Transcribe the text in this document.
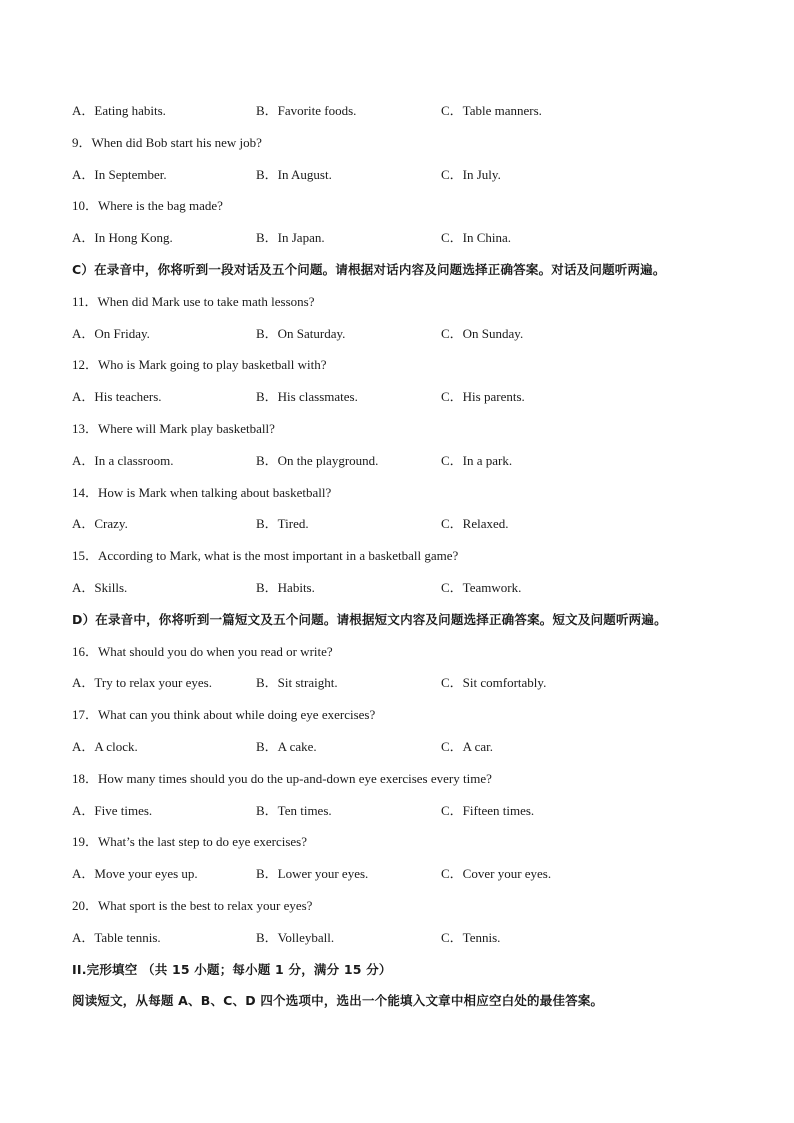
A．Eating habits.	B．Favorite foods.	C．Table manners.
9．When did Bob start his new job?
A．In September.	B．In August.	C．In July.
10．Where is the bag made?
A．In Hong Kong.	B．In Japan.	C．In China.
C）在录音中，你将听到一段对话及五个问题。请根据对话内容及问题选择正确答案。对话及问题听两遍。
11．When did Mark use to take math lessons?
A．On Friday.	B．On Saturday.	C．On Sunday.
12．Who is Mark going to play basketball with?
A．His teachers.	B．His classmates.	C．His parents.
13．Where will Mark play basketball?
A．In a classroom.	B．On the playground.	C．In a park.
14．How is Mark when talking about basketball?
A．Crazy.	B．Tired.	C．Relaxed.
15．According to Mark, what is the most important in a basketball game?
A．Skills.	B．Habits.	C．Teamwork.
D）在录音中，你将听到一篇短文及五个问题。请根据短文内容及问题选择正确答案。短文及问题听两遍。
16．What should you do when you read or write?
A．Try to relax your eyes.	B．Sit straight.	C．Sit comfortably.
17．What can you think about while doing eye exercises?
A．A clock.	B．A cake.	C．A car.
18．How many times should you do the up-and-down eye exercises every time?
A．Five times.	B．Ten times.	C．Fifteen times.
19．What’s the last step to do eye exercises?
A．Move your eyes up.	B．Lower your eyes.	C．Cover your eyes.
20．What sport is the best to relax your eyes?
A．Table tennis.	B．Volleyball.	C．Tennis.
II.完形填空 （共 15 小题；每小题 1 分，满分 15 分）
阅读短文，从每题 A、B、C、D 四个选项中，选出一个能填入文章中相应空白处的最佳答案。
